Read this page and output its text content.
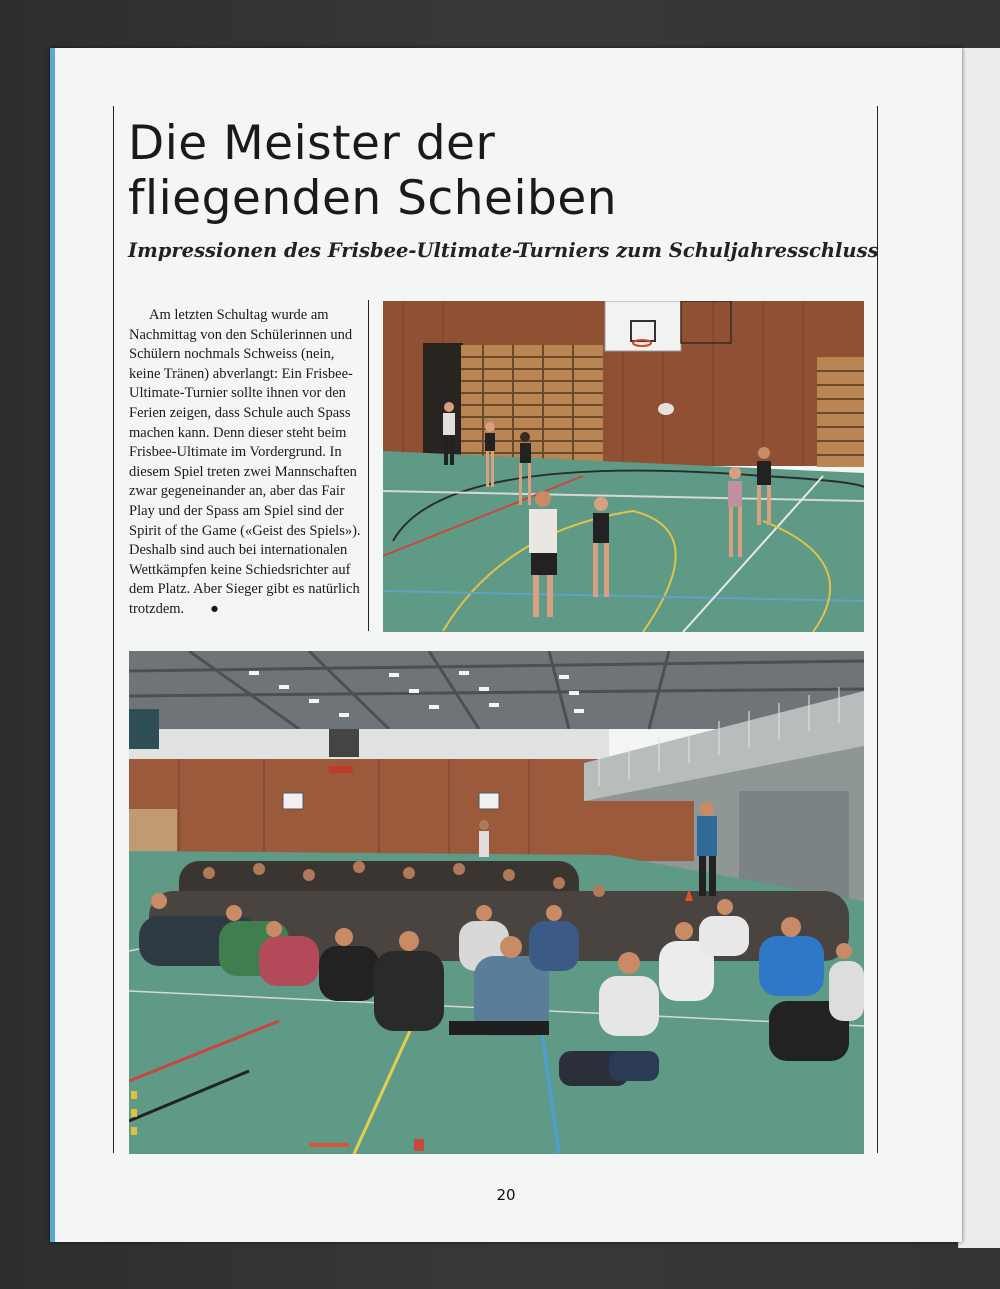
Die Meister der
fliegenden Scheiben
Impressionen des Frisbee-Ultimate-Turniers zum Schuljahresschluss
Am letzten Schultag wurde am Nachmittag von den Schülerinnen und Schülern nochmals Schweiss (nein, keine Tränen) abverlangt: Ein Frisbee-Ultimate-Turnier sollte ihnen vor den Ferien zeigen, dass Schule auch Spass machen kann. Denn dieser steht beim Frisbee-Ultimate im Vordergrund. In diesem Spiel treten zwei Mannschaften zwar gegeneinander an, aber das Fair Play und der Spass am Spiel sind der Spirit of the Game («Geist des Spiels»). Deshalb sind auch bei internationalen Wettkämpfen keine Schiedsrichter auf dem Platz. Aber Sieger gibt es natürlich trotzdem. ●
20
